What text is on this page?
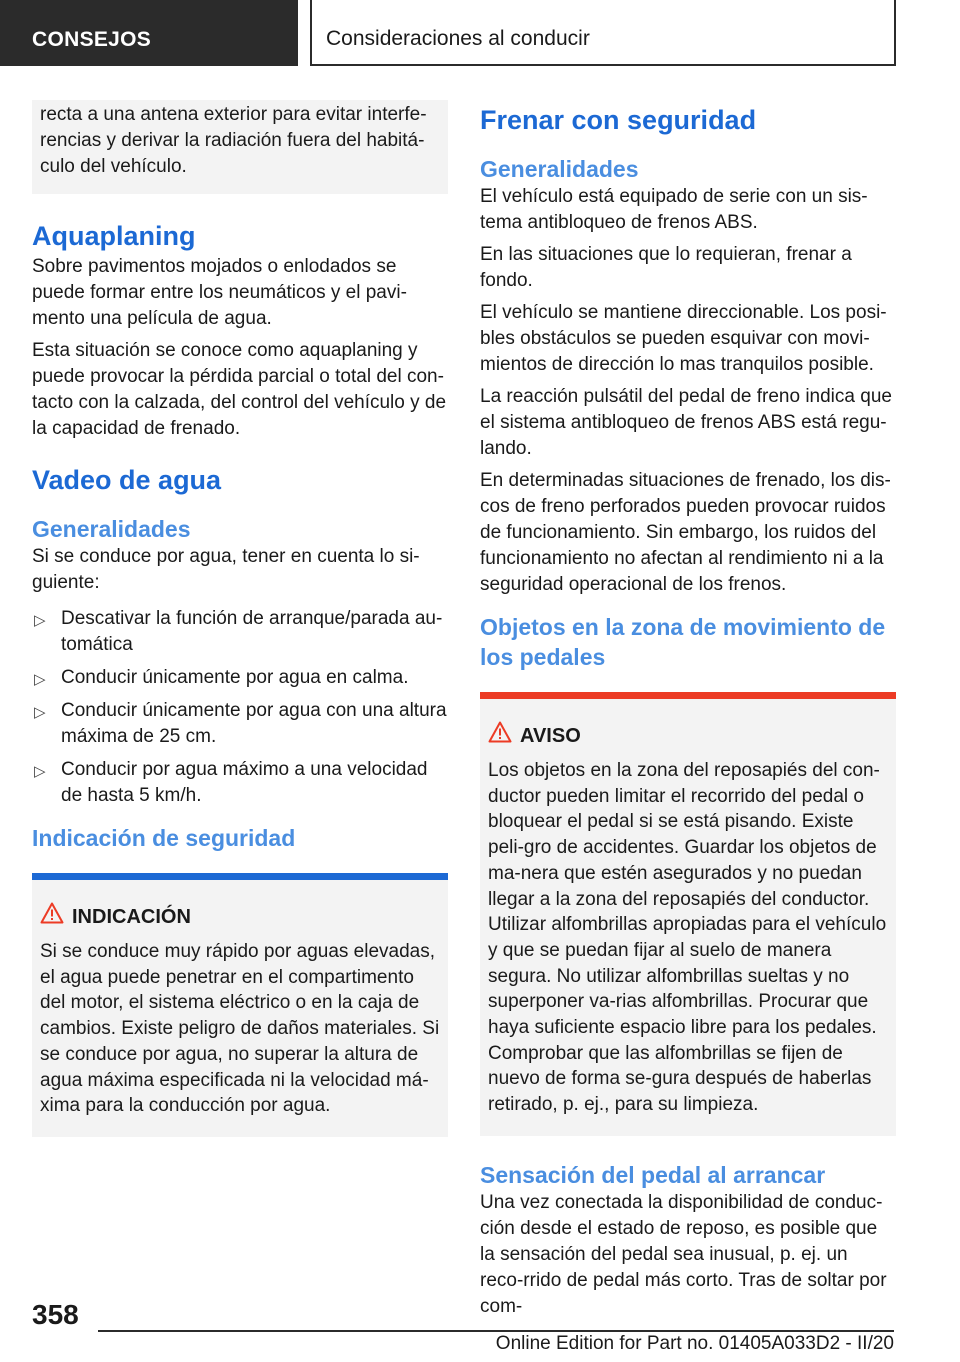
CONSEJOS	Consideraciones al conducir

recta a una antena exterior para evitar interfe‐rencias y derivar la radiación fuera del habitá‐culo del vehículo.

Aquaplaning

Sobre pavimentos mojados o enlodados se puede formar entre los neumáticos y el pavi‐mento una película de agua.

Esta situación se conoce como aquaplaning y puede provocar la pérdida parcial o total del con‐tacto con la calzada, del control del vehículo y de la capacidad de frenado.

Vadeo de agua
Generalidades

Si se conduce por agua, tener en cuenta lo si‐guiente:

▷ Descativar la función de arranque/parada au‐tomática
▷ Conducir únicamente por agua en calma.
▷ Conducir únicamente por agua con una altura máxima de 25 cm.
▷ Conducir por agua máximo a una velocidad de hasta 5 km/h.
Indicación de seguridad
INDICACIÓN

Si se conduce muy rápido por aguas elevadas, el agua puede penetrar en el compartimento del motor, el sistema eléctrico o en la caja de cambios. Existe peligro de daños materiales. Si se conduce por agua, no superar la altura de agua máxima especificada ni la velocidad má‐xima para la conducción por agua.

Frenar con seguridad
Generalidades

El vehículo está equipado de serie con un sis‐tema antibloqueo de frenos ABS.

En las situaciones que lo requieran, frenar a fondo.

El vehículo se mantiene direccionable. Los posi‐bles obstáculos se pueden esquivar con movi‐mientos de dirección lo mas tranquilos posible.

La reacción pulsátil del pedal de freno indica que el sistema antibloqueo de frenos ABS está regu‐lando.

En determinadas situaciones de frenado, los dis‐cos de freno perforados pueden provocar ruidos de funcionamiento. Sin embargo, los ruidos del funcionamiento no afectan al rendimiento ni a la seguridad operacional de los frenos.

Objetos en la zona de movimiento de los pedales
AVISO

Los objetos en la zona del reposapiés del con‐ductor pueden limitar el recorrido del pedal o bloquear el pedal si se está pisando. Existe peli‐gro de accidentes. Guardar los objetos de ma‐nera que estén asegurados y no puedan llegar a la zona del reposapiés del conductor. Utilizar alfombrillas apropiadas para el vehículo y que se puedan fijar al suelo de manera segura. No utilizar alfombrillas sueltas y no superponer va‐rias alfombrillas. Procurar que haya suficiente espacio libre para los pedales. Comprobar que las alfombrillas se fijen de nuevo de forma se‐gura después de haberlas retirado, p. ej., para su limpieza.

Sensación del pedal al arrancar

Una vez conectada la disponibilidad de conduc‐ción desde el estado de reposo, es posible que la sensación del pedal sea inusual, p. ej. un reco‐rrido de pedal más corto. Tras de soltar por com‐

358
Online Edition for Part no. 01405A033D2 - II/20
